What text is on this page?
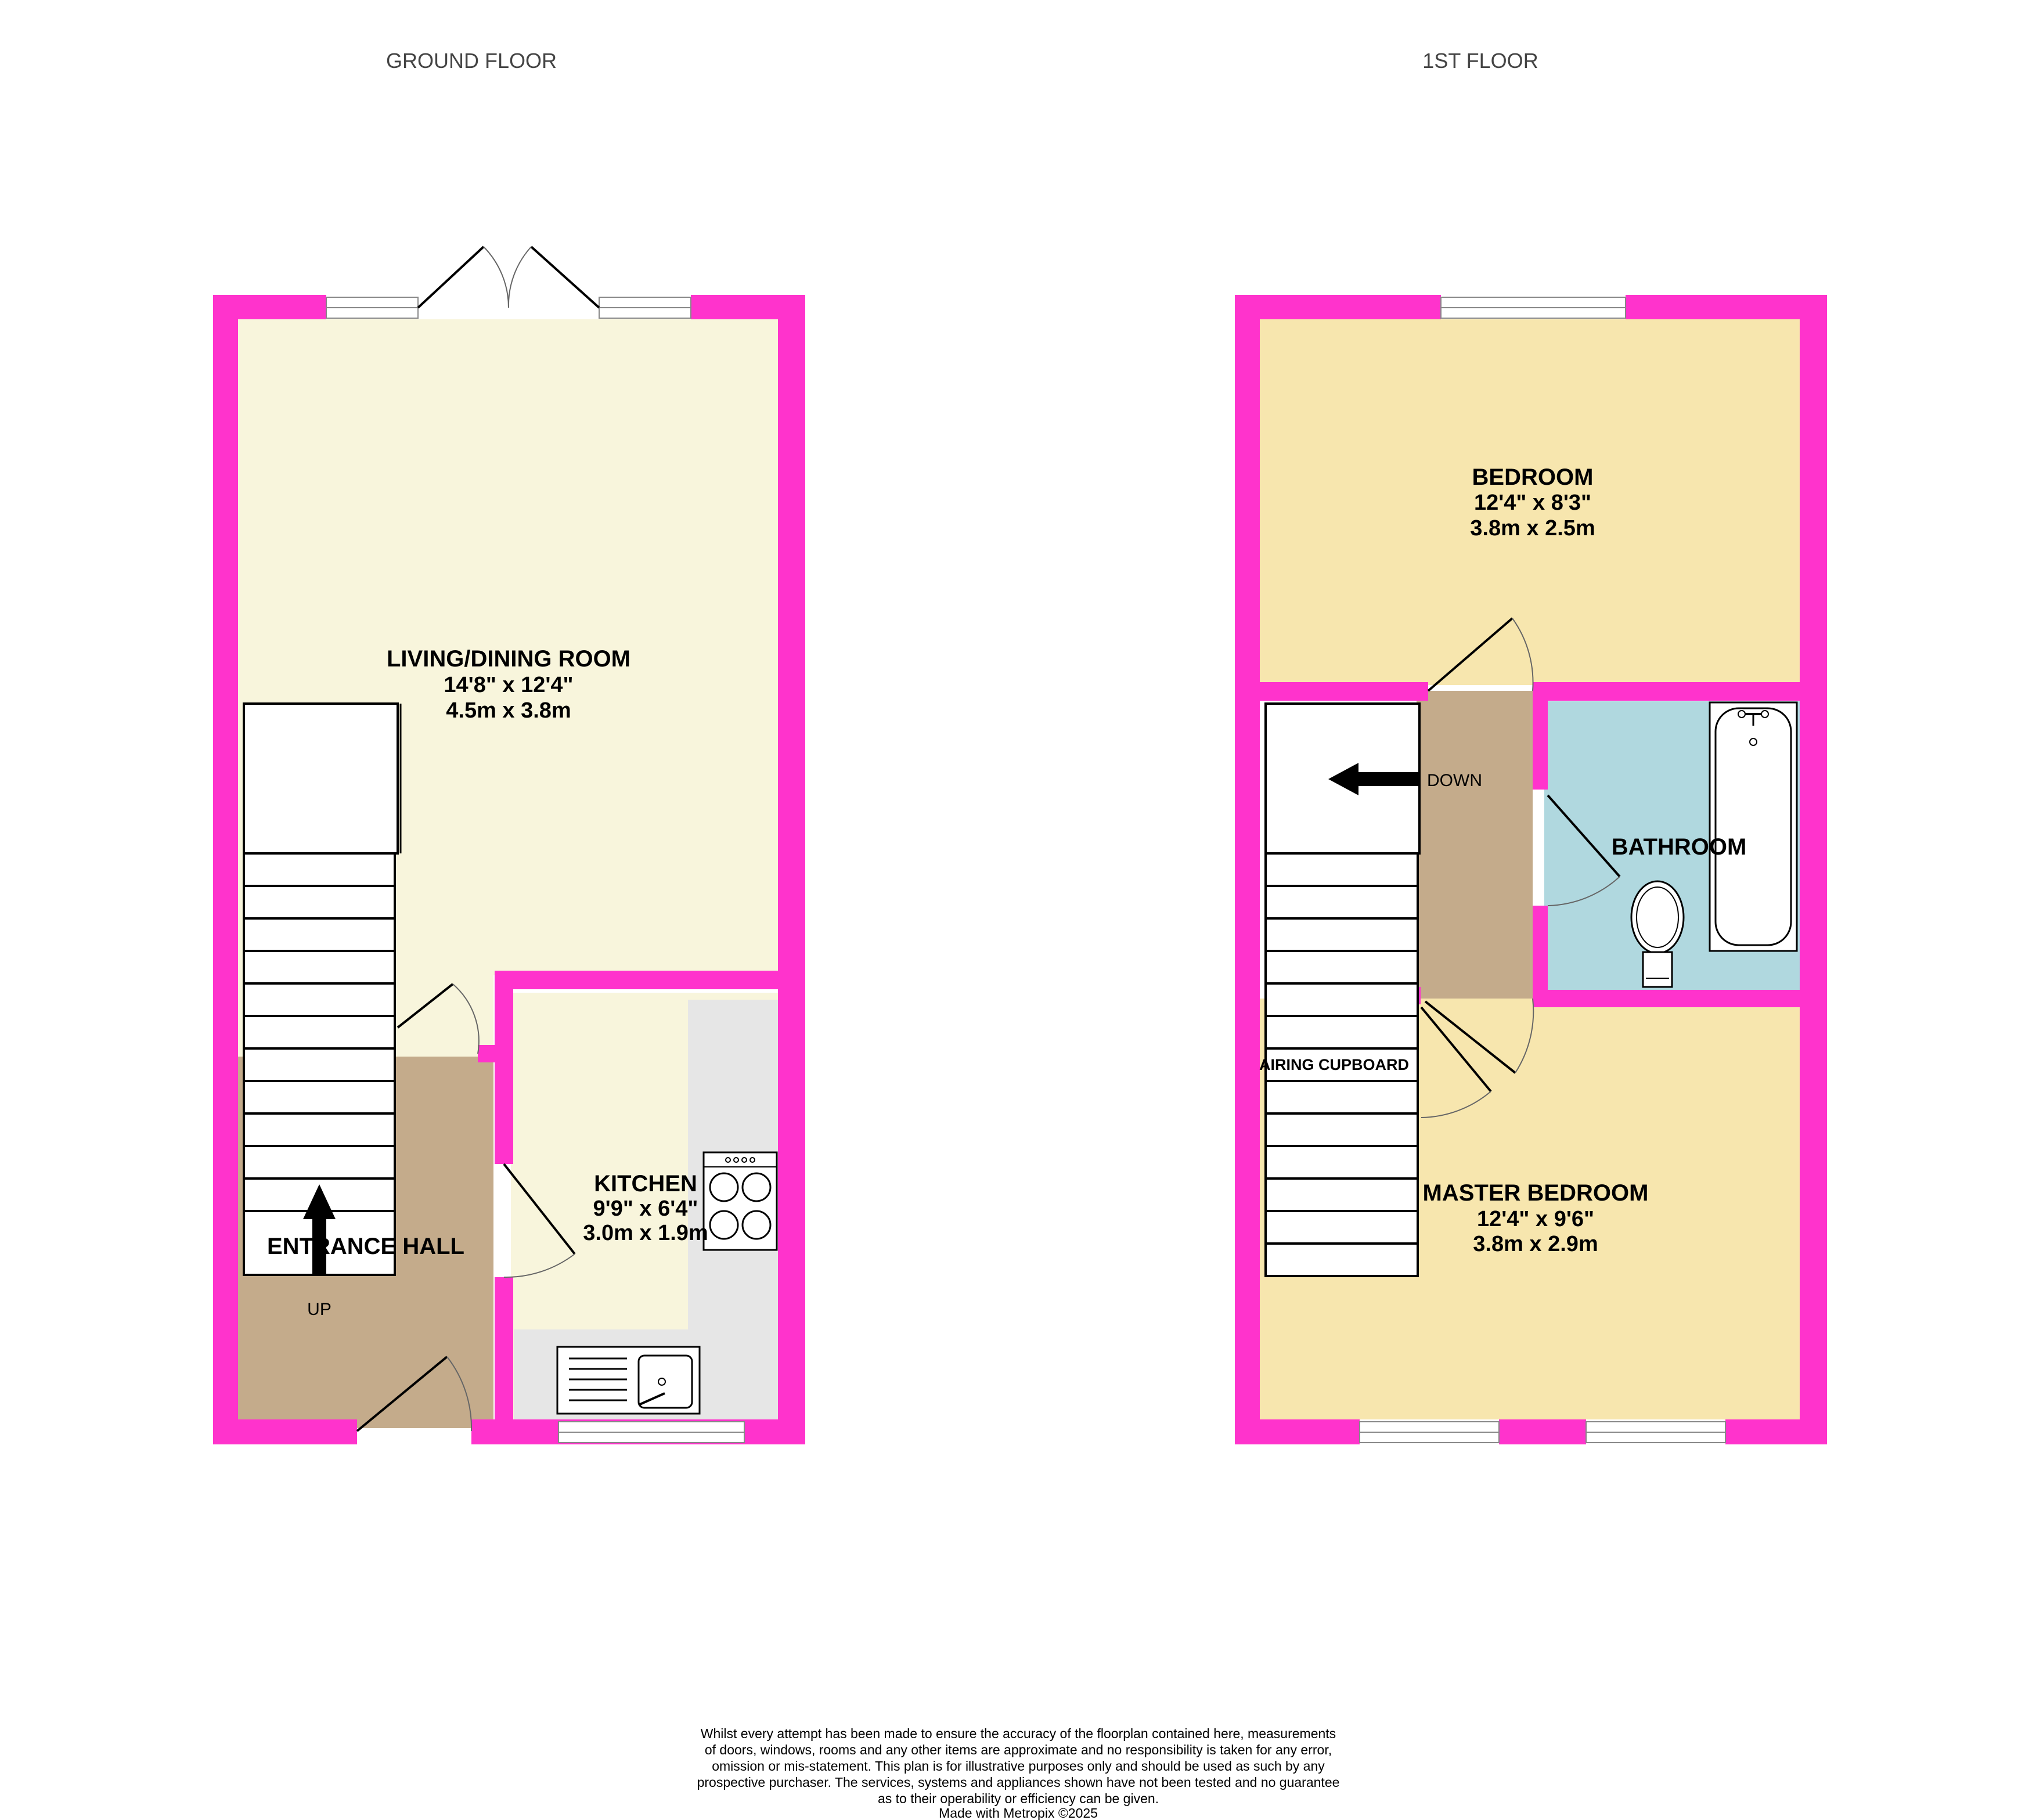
GROUND FLOOR	1ST FLOOR
LIVING/DINING ROOM
14'8" x 12'4"
4.5m x 3.8m
KITCHEN
9'9" x 6'4"
3.0m x 1.9m
ENTRANCE HALL
UP
BEDROOM
12'4" x 8'3"
3.8m x 2.5m
MASTER BEDROOM
12'4" x 9'6"
3.8m x 2.9m
BATHROOM
AIRING CUPBOARD
DOWN
Whilst every attempt has been made to ensure the accuracy of the floorplan contained here, measurements
of doors, windows, rooms and any other items are approximate and no responsibility is taken for any error,
omission or mis-statement. This plan is for illustrative purposes only and should be used as such by any
prospective purchaser. The services, systems and appliances shown have not been tested and no guarantee
as to their operability or efficiency can be given.
Made with Metropix ©2025
